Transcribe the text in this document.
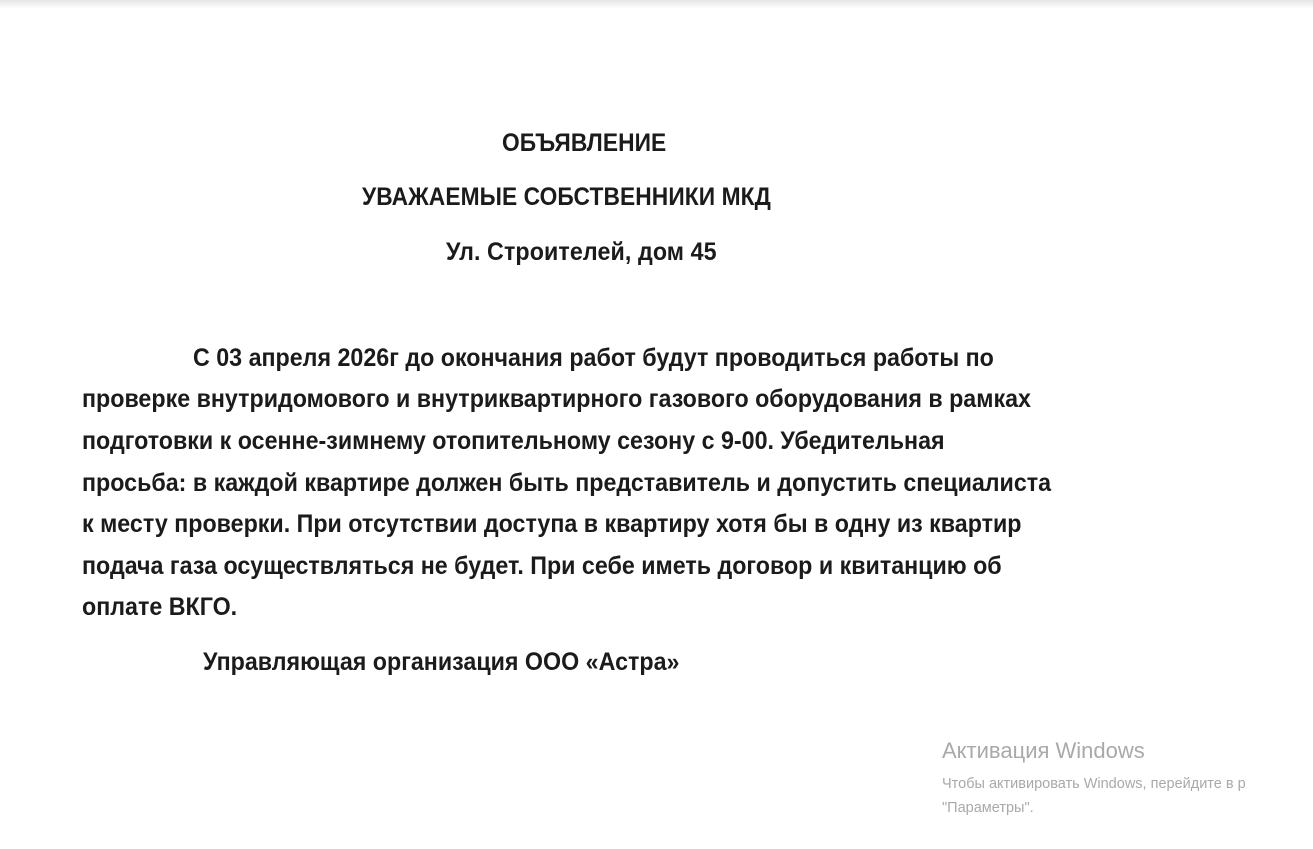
ОБЪЯВЛЕНИЕ
УВАЖАЕМЫЕ СОБСТВЕННИКИ МКД
Ул. Строителей, дом 45
С 03 апреля 2026г до окончания работ будут проводиться работы по
проверке внутридомового и внутриквартирного газового оборудования в рамках
подготовки к осенне-зимнему отопительному сезону с 9-00. Убедительная
просьба: в каждой квартире должен быть представитель и допустить специалиста
к месту проверки. При отсутствии доступа в квартиру хотя бы в одну из квартир
подача газа осуществляться не будет. При себе иметь договор и квитанцию об
оплате ВКГО.
Управляющая организация ООО «Астра»
Активация Windows
Чтобы активировать Windows, перейдите в р
"Параметры".
